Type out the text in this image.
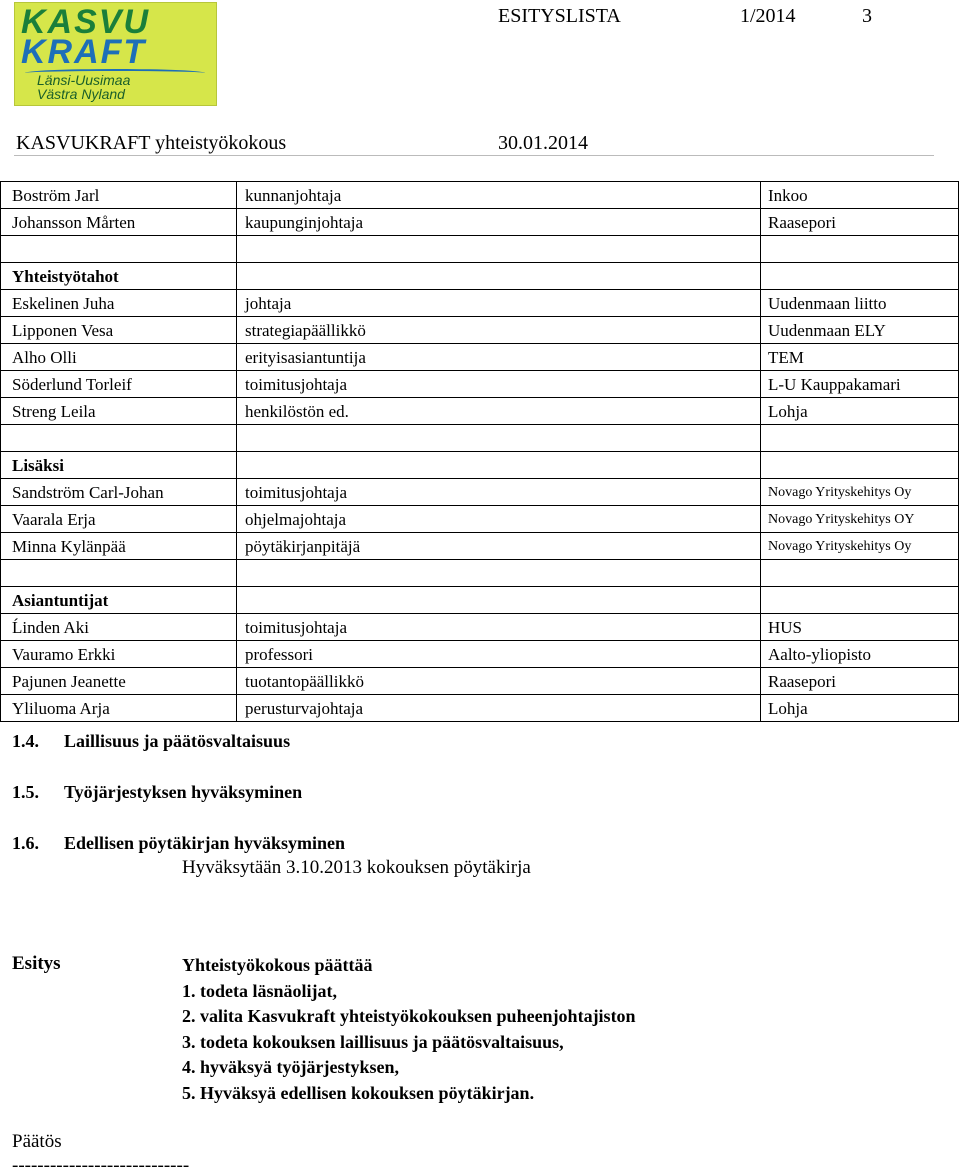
KASVU
KRAFT
Länsi-Uusimaa
Västra Nyland
ESITYSLISTA	1/2014	3
KASVUKRAFT yhteistyökokous	30.01.2014
Boström Jarl	kunnanjohtaja	Inkoo
Johansson Mårten	kaupunginjohtaja	Raasepori

Yhteistyötahot		
Eskelinen Juha	johtaja	Uudenmaan liitto
Lipponen Vesa	strategiapäällikkö	Uudenmaan ELY
Alho Olli	erityisasiantuntija	TEM
Söderlund Torleif	toimitusjohtaja	L-U Kauppakamari
Streng Leila	henkilöstön ed.	Lohja

Lisäksi		
Sandström Carl-Johan	toimitusjohtaja	Novago Yrityskehitys Oy
Vaarala Erja	ohjelmajohtaja	Novago Yrityskehitys OY
Minna Kylänpää	pöytäkirjanpitäjä	Novago Yrityskehitys Oy

Asiantuntijat		
Ĺinden Aki	toimitusjohtaja	HUS
Vauramo Erkki	professori	Aalto-yliopisto
Pajunen Jeanette	tuotantopäällikkö	Raasepori
Yliluoma Arja	perusturvajohtaja	Lohja
1.4. Laillisuus ja päätösvaltaisuus
1.5. Työjärjestyksen hyväksyminen
1.6. Edellisen pöytäkirjan hyväksyminen
Hyväksytään 3.10.2013 kokouksen pöytäkirja
Esitys	Yhteistyökokous päättää
1. todeta läsnäolijat,
2. valita Kasvukraft yhteistyökokouksen puheenjohtajiston
3. todeta kokouksen laillisuus ja päätösvaltaisuus,
4. hyväksyä työjärjestyksen,
5. Hyväksyä edellisen kokouksen pöytäkirjan.
Päätös
----------------------------
